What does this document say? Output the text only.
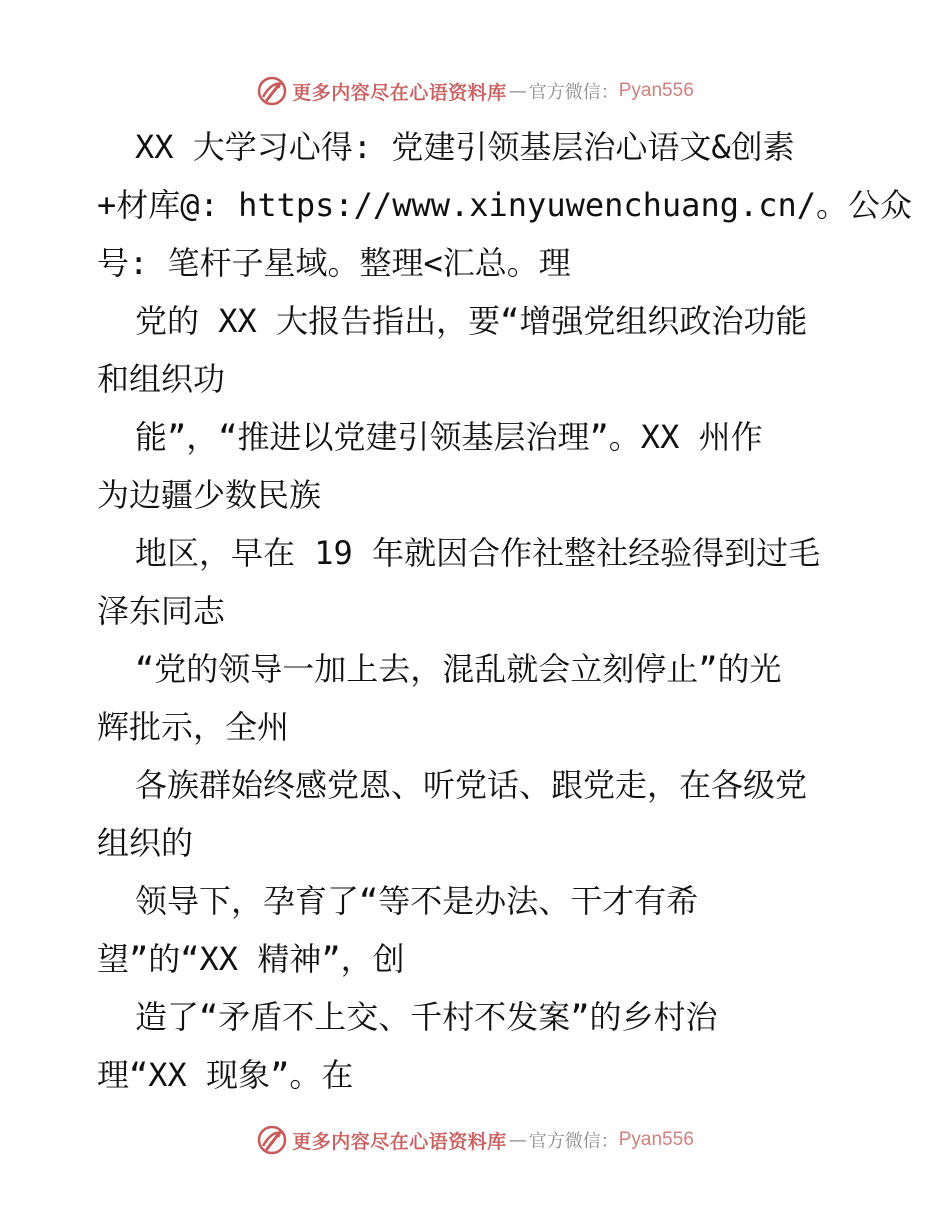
更多内容尽在心语资料库 — 官方微信： Pyan556
XX 大学习心得: 党建引领基层治心语文&创素
+材库@: https://www.xinyuwenchuang.cn/。公众
号: 笔杆子星域。整理<汇总。理
党的 XX 大报告指出，要“增强党组织政治功能
和组织功
能”，“推进以党建引领基层治理”。XX 州作
为边疆少数民族
地区，早在 19 年就因合作社整社经验得到过毛
泽东同志
“党的领导一加上去，混乱就会立刻停止”的光
辉批示，全州
各族群始终感党恩、听党话、跟党走，在各级党
组织的
领导下，孕育了“等不是办法、干才有希
望”的“XX 精神”，创
造了“矛盾不上交、千村不发案”的乡村治
理“XX 现象”。在
更多内容尽在心语资料库 — 官方微信： Pyan556
